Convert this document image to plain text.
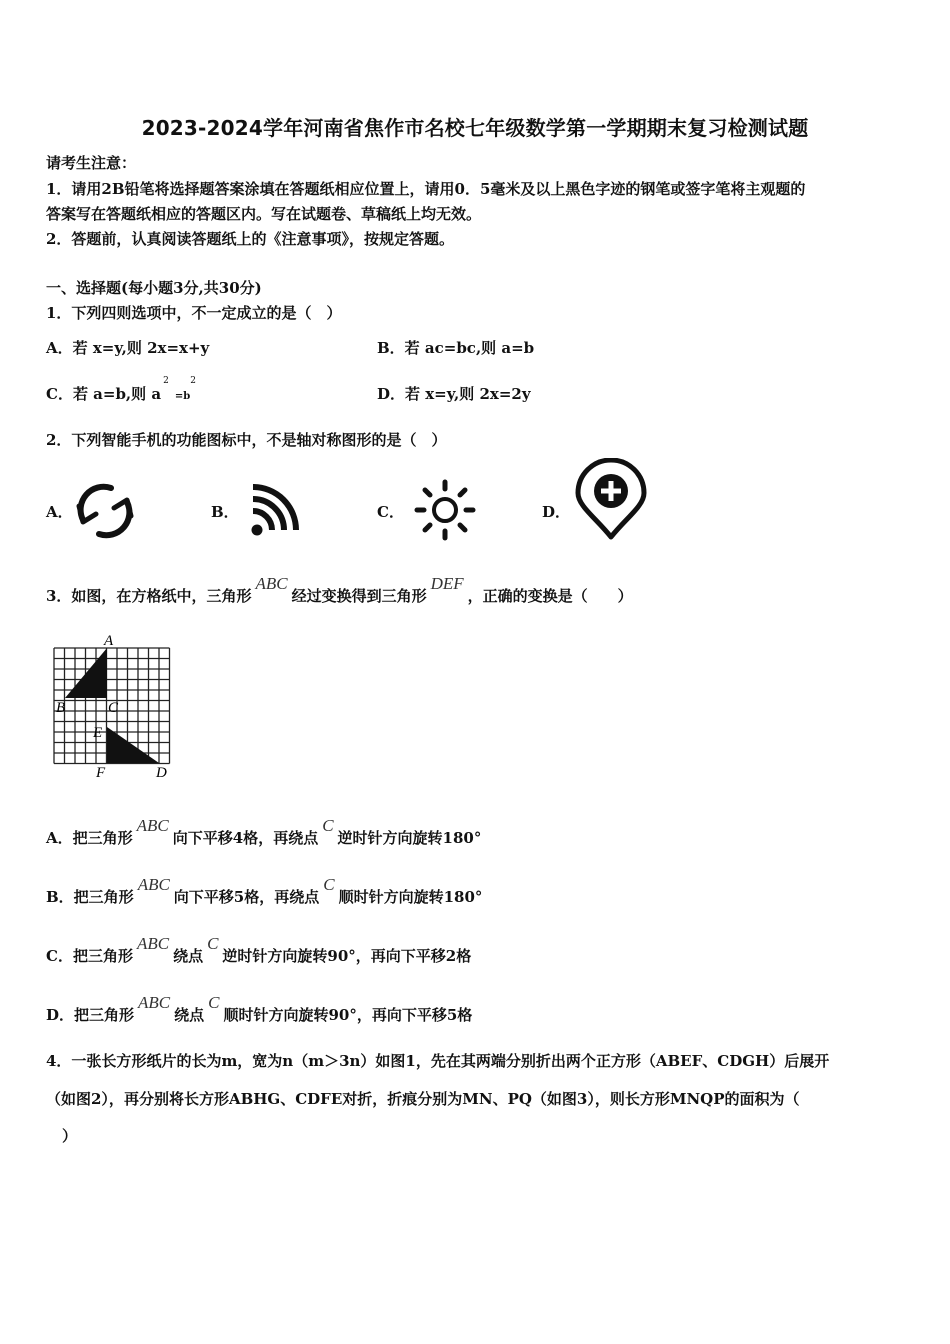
2023-2024学年河南省焦作市名校七年级数学第一学期期末复习检测试题
请考生注意：
1．请用2B铅笔将选择题答案涂填在答题纸相应位置上，请用0．5毫米及以上黑色字迹的钢笔或签字笔将主观题的
答案写在答题纸相应的答题区内。写在试题卷、草稿纸上均无效。
2．答题前，认真阅读答题纸上的《注意事项》，按规定答题。
一、选择题(每小题3分,共30分)
1．下列四则选项中，不一定成立的是（　）
A．若 x=y,则 2x=x+y	B．若 ac=bc,则 a=b
C．若 a=b,则 $a^2=b^2$
D．若 x=y,则 2x=2y
2．下列智能手机的功能图标中，不是轴对称图形的是（　）
A．	B．	C．	D．
3．如图，在方格纸中，三角形ABC经过变换得到三角形DEF，正确的变换是（　　）
A
B	C
E
F	D
A．把三角形ABC向下平移4格，再绕点C逆时针方向旋转180°
B．把三角形ABC向下平移5格，再绕点C顺时针方向旋转180°
C．把三角形ABC绕点C逆时针方向旋转90°，再向下平移2格
D．把三角形ABC绕点C顺时针方向旋转90°，再向下平移5格
4．一张长方形纸片的长为m，宽为n（m＞3n）如图1，先在其两端分别折出两个正方形（ABEF、CDGH）后展开
（如图2），再分别将长方形ABHG、CDFE对折，折痕分别为MN、PQ（如图3），则长方形MNQP的面积为（
）
